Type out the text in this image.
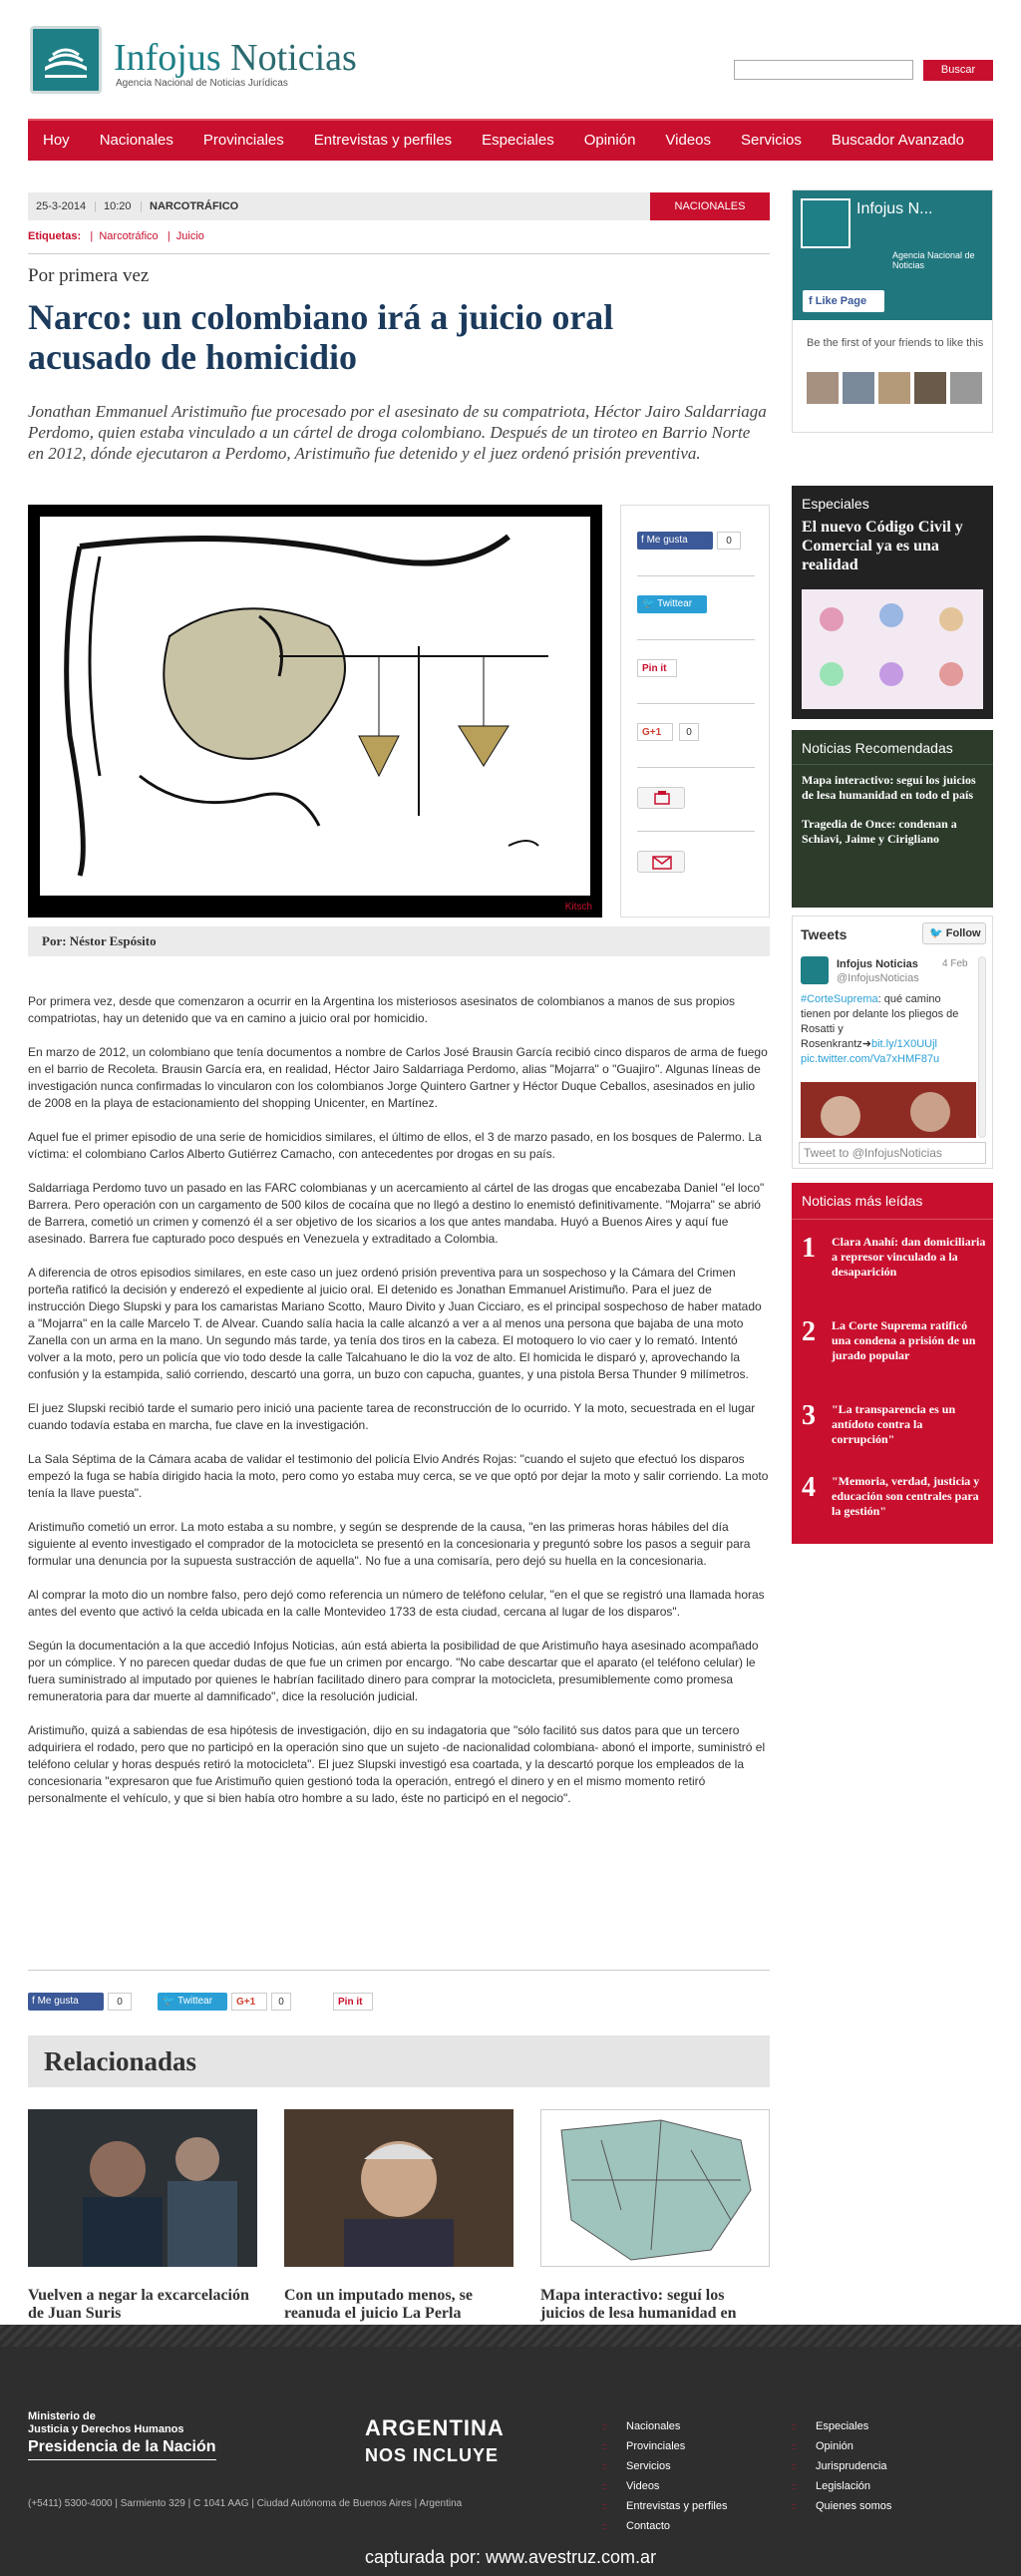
Infojus Noticias
Agencia Nacional de Noticias Jurídicas
Buscar
Hoy	Nacionales	Provinciales	Entrevistas y perfiles	Especiales	Opinión	Videos	Servicios	Buscador Avanzado
25-3-2014 | 10:20 | NARCOTRÁFICO	NACIONALES
Etiquetas: | Narcotráfico | Juicio
Por primera vez
Narco: un colombiano irá a juicio oral acusado de homicidio
Jonathan Emmanuel Aristimuño fue procesado por el asesinato de su compatriota, Héctor Jairo Saldarriaga Perdomo, quien estaba vinculado a un cártel de droga colombiano. Después de un tiroteo en Barrio Norte en 2012, dónde ejecutaron a Perdomo, Aristimuño fue detenido y el juez ordenó prisión preventiva.
Kitsch
f Me gusta	0
🐦 Twittear
Pin it
G+1	0
Por: Néstor Espósito

Por primera vez, desde que comenzaron a ocurrir en la Argentina los misteriosos asesinatos de colombianos a manos de sus propios compatriotas, hay un detenido que va en camino a juicio oral por homicidio.

En marzo de 2012, un colombiano que tenía documentos a nombre de Carlos José Brausin García recibió cinco disparos de arma de fuego en el barrio de Recoleta. Brausin García era, en realidad, Héctor Jairo Saldarriaga Perdomo, alias "Mojarra" o "Guajiro". Algunas líneas de investigación nunca confirmadas lo vincularon con los colombianos Jorge Quintero Gartner y Héctor Duque Ceballos, asesinados en julio de 2008 en la playa de estacionamiento del shopping Unicenter, en Martínez.

Aquel fue el primer episodio de una serie de homicidios similares, el último de ellos, el 3 de marzo pasado, en los bosques de Palermo. La víctima: el colombiano Carlos Alberto Gutiérrez Camacho, con antecedentes por drogas en su país.

Saldarriaga Perdomo tuvo un pasado en las FARC colombianas y un acercamiento al cártel de las drogas que encabezaba Daniel "el loco" Barrera. Pero operación con un cargamento de 500 kilos de cocaína que no llegó a destino lo enemistó definitivamente. "Mojarra" se abrió de Barrera, cometió un crimen y comenzó él a ser objetivo de los sicarios a los que antes mandaba. Huyó a Buenos Aires y aquí fue asesinado. Barrera fue capturado poco después en Venezuela y extraditado a Colombia.

A diferencia de otros episodios similares, en este caso un juez ordenó prisión preventiva para un sospechoso y la Cámara del Crimen porteña ratificó la decisión y enderezó el expediente al juicio oral. El detenido es Jonathan Emmanuel Aristimuño. Para el juez de instrucción Diego Slupski y para los camaristas Mariano Scotto, Mauro Divito y Juan Cicciaro, es el principal sospechoso de haber matado a "Mojarra" en la calle Marcelo T. de Alvear. Cuando salía hacia la calle alcanzó a ver a al menos una persona que bajaba de una moto Zanella con un arma en la mano. Un segundo más tarde, ya tenía dos tiros en la cabeza. El motoquero lo vio caer y lo remató. Intentó volver a la moto, pero un policía que vio todo desde la calle Talcahuano le dio la voz de alto. El homicida le disparó y, aprovechando la confusión y la estampida, salió corriendo, descartó una gorra, un buzo con capucha, guantes, y una pistola Bersa Thunder 9 milímetros.

El juez Slupski recibió tarde el sumario pero inició una paciente tarea de reconstrucción de lo ocurrido. Y la moto, secuestrada en el lugar cuando todavía estaba en marcha, fue clave en la investigación.

La Sala Séptima de la Cámara acaba de validar el testimonio del policía Elvio Andrés Rojas: "cuando el sujeto que efectuó los disparos empezó la fuga se había dirigido hacia la moto, pero como yo estaba muy cerca, se ve que optó por dejar la moto y salir corriendo. La moto tenía la llave puesta".

Aristimuño cometió un error. La moto estaba a su nombre, y según se desprende de la causa, "en las primeras horas hábiles del día siguiente al evento investigado el comprador de la motocicleta se presentó en la concesionaria y preguntó sobre los pasos a seguir para formular una denuncia por la supuesta sustracción de aquella". No fue a una comisaría, pero dejó su huella en la concesionaria.

Al comprar la moto dio un nombre falso, pero dejó como referencia un número de teléfono celular, "en el que se registró una llamada horas antes del evento que activó la celda ubicada en la calle Montevideo 1733 de esta ciudad, cercana al lugar de los disparos".

Según la documentación a la que accedió Infojus Noticias, aún está abierta la posibilidad de que Aristimuño haya asesinado acompañado por un cómplice. Y no parecen quedar dudas de que fue un crimen por encargo. "No cabe descartar que el aparato (el teléfono celular) le fuera suministrado al imputado por quienes le habrían facilitado dinero para comprar la motocicleta, presumiblemente como promesa remuneratoria para dar muerte al damnificado", dice la resolución judicial.

Aristimuño, quizá a sabiendas de esa hipótesis de investigación, dijo en su indagatoria que "sólo facilitó sus datos para que un tercero adquiriera el rodado, pero que no participó en la operación sino que un sujeto -de nacionalidad colombiana- abonó el importe, suministró el teléfono celular y horas después retiró la motocicleta". El juez Slupski investigó esa coartada, y la descartó porque los empleados de la concesionaria "expresaron que fue Aristimuño quien gestionó toda la operación, entregó el dinero y en el mismo momento retiró personalmente el vehículo, y que si bien había otro hombre a su lado, éste no participó en el negocio".

f Me gusta	0	🐦 Twittear	G+1	0	Pin it
Relacionadas
Vuelven a negar la excarcelación de Juan Suris
Con un imputado menos, se reanuda el juicio La Perla
Mapa interactivo: seguí los juicios de lesa humanidad en
Infojus N...
Agencia Nacional de Noticias
f Like Page
Be the first of your friends to like this
Especiales
El nuevo Código Civil y Comercial ya es una realidad
Noticias Recomendadas
Mapa interactivo: seguí los juicios de lesa humanidad en todo el país
Tragedia de Once: condenan a Schiavi, Jaime y Cirigliano
Tweets	🐦 Follow
Infojus Noticias
@InfojusNoticias
4 Feb
#CorteSuprema: qué camino tienen por delante los pliegos de Rosatti y Rosenkrantz➜bit.ly/1X0UUjl pic.twitter.com/Va7xHMF87u
Tweet to @InfojusNoticias
Noticias más leídas
1 Clara Anahí: dan domiciliaria a represor vinculado a la desaparición
2 La Corte Suprema ratificó una condena a prisión de un jurado popular
3 "La transparencia es un antídoto contra la corrupción"
4 "Memoria, verdad, justicia y educación son centrales para la gestión"
Ministerio de
Justicia y Derechos Humanos
Presidencia de la Nación
ARGENTINA
NOS INCLUYE
(+5411) 5300-4000 | Sarmiento 329 | C 1041 AAG | Ciudad Autónoma de Buenos Aires | Argentina
::	Nacionales
::	Provinciales
::	Servicios
::	Videos
::	Entrevistas y perfiles
::	Contacto
::	Especiales
::	Opinión
::	Jurisprudencia
::	Legislación
::	Quienes somos
capturada por: www.avestruz.com.ar
